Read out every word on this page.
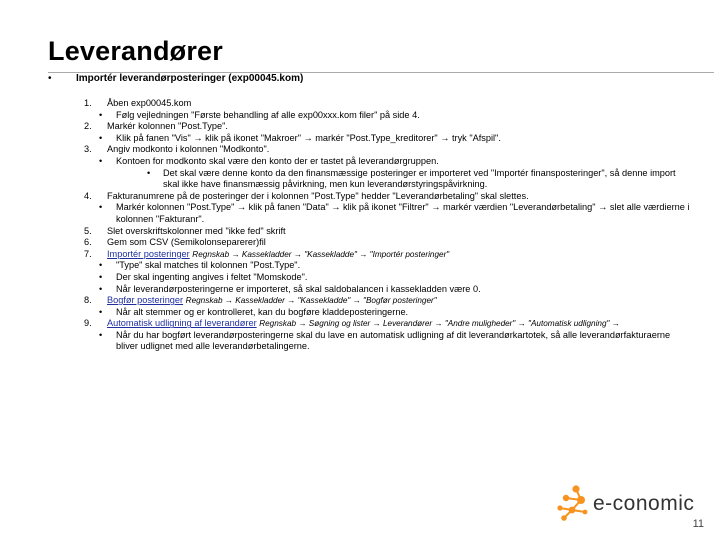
Leverandører
• Importér leverandørposteringer (exp00045.kom)
1.	Åben exp00045.kom
• Følg vejledningen "Første behandling af alle exp00xxx.kom filer" på side 4.
2.	Markér kolonnen "Post.Type".
• Klik på fanen "Vis" → klik på ikonet "Makroer" → markér "Post.Type_kreditorer" → tryk "Afspil".
3.	Angiv modkonto i kolonnen "Modkonto".
• Kontoen for modkonto skal være den konto der er tastet på leverandørgruppen.
• Det skal være denne konto da den finansmæssige posteringer er importeret ved "Importér finansposteringer", så denne import skal ikke have finansmæssig påvirkning, men kun leverandørstyringspåvirkning.
4.	Fakturanumrene på de posteringer der i kolonnen "Post.Type" hedder "Leverandørbetaling" skal slettes.
• Markér kolonnen "Post.Type" → klik på fanen "Data" → klik på ikonet "Filtrer" → markér værdien "Leverandørbetaling" → slet alle værdierne i kolonnen "Fakturanr".
5.	Slet overskriftskolonner med "ikke fed" skrift
6.	Gem som CSV (Semikolonseparerer)fil
7.	Importér posteringer Regnskab → Kassekladder → "Kassekladde" → "Importér posteringer"
• "Type" skal matches til kolonnen "Post.Type".
• Der skal ingenting angives i feltet "Momskode".
• Når leverandørposteringerne er importeret, så skal saldobalancen i kassekladden være 0.
8.	Bogfør posteringer Regnskab → Kassekladder → "Kassekladde" → "Bogfør posteringer"
• Når alt stemmer og er kontrolleret, kan du bogføre kladdeposteringerne.
9.	Automatisk udligning af leverandører Regnskab → Søgning og lister → Leverandører → "Andre muligheder" → "Automatisk udligning" →
• Når du har bogført leverandørposteringerne skal du lave en automatisk udligning af dit leverandørkartotek, så alle leverandørfakturaerne bliver udlignet med alle leverandørbetalingerne.
e-conomic
11
